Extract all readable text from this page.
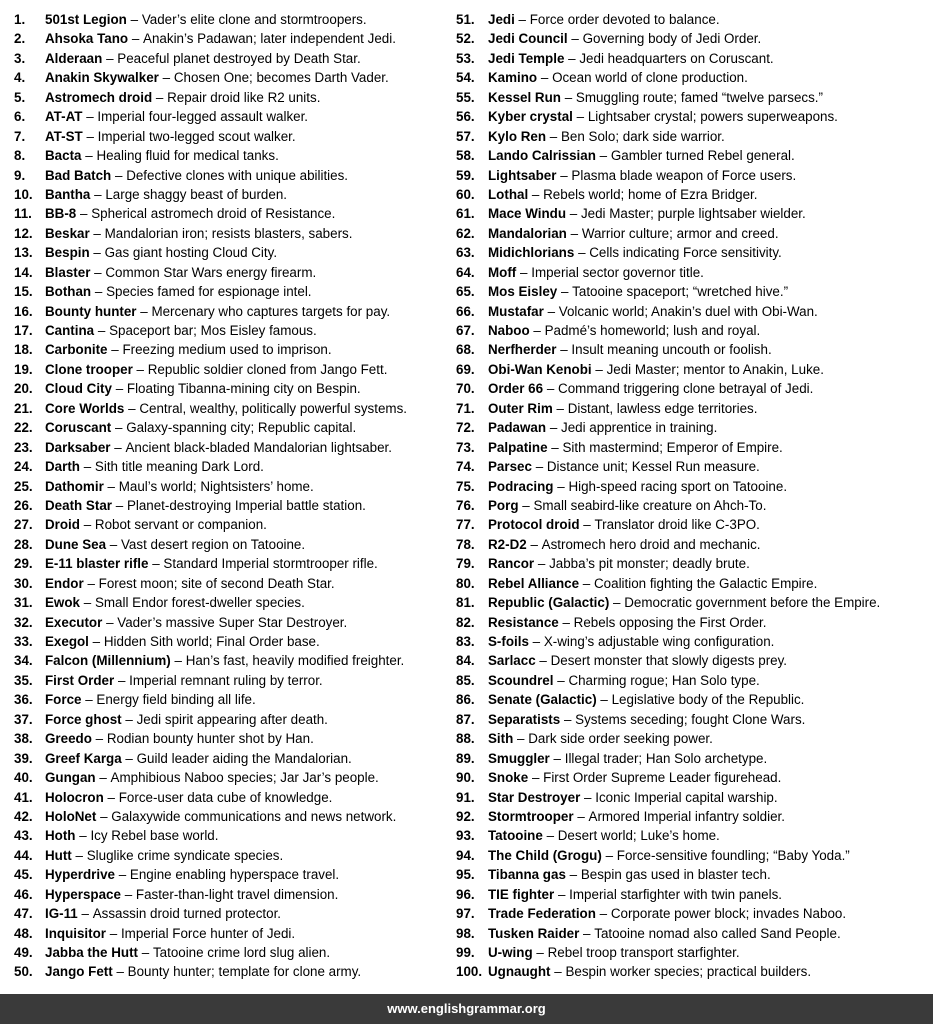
1.	501st Legion – Vader’s elite clone and stormtroopers.
2.	Ahsoka Tano – Anakin’s Padawan; later independent Jedi.
3.	Alderaan – Peaceful planet destroyed by Death Star.
4.	Anakin Skywalker – Chosen One; becomes Darth Vader.
5.	Astromech droid – Repair droid like R2 units.
6.	AT-AT – Imperial four-legged assault walker.
7.	AT-ST – Imperial two-legged scout walker.
8.	Bacta – Healing fluid for medical tanks.
9.	Bad Batch – Defective clones with unique abilities.
10. Bantha – Large shaggy beast of burden.
11. BB-8 – Spherical astromech droid of Resistance.
12. Beskar – Mandalorian iron; resists blasters, sabers.
13. Bespin – Gas giant hosting Cloud City.
14. Blaster – Common Star Wars energy firearm.
15. Bothan – Species famed for espionage intel.
16. Bounty hunter – Mercenary who captures targets for pay.
17. Cantina – Spaceport bar; Mos Eisley famous.
18. Carbonite – Freezing medium used to imprison.
19. Clone trooper – Republic soldier cloned from Jango Fett.
20. Cloud City – Floating Tibanna-mining city on Bespin.
21. Core Worlds – Central, wealthy, politically powerful systems.
22. Coruscant – Galaxy-spanning city; Republic capital.
23. Darksaber – Ancient black-bladed Mandalorian lightsaber.
24. Darth – Sith title meaning Dark Lord.
25. Dathomir – Maul’s world; Nightsisters’ home.
26. Death Star – Planet-destroying Imperial battle station.
27. Droid – Robot servant or companion.
28. Dune Sea – Vast desert region on Tatooine.
29. E-11 blaster rifle – Standard Imperial stormtrooper rifle.
30. Endor – Forest moon; site of second Death Star.
31. Ewok – Small Endor forest-dweller species.
32. Executor – Vader’s massive Super Star Destroyer.
33. Exegol – Hidden Sith world; Final Order base.
34. Falcon (Millennium) – Han’s fast, heavily modified freighter.
35. First Order – Imperial remnant ruling by terror.
36. Force – Energy field binding all life.
37. Force ghost – Jedi spirit appearing after death.
38. Greedo – Rodian bounty hunter shot by Han.
39. Greef Karga – Guild leader aiding the Mandalorian.
40. Gungan – Amphibious Naboo species; Jar Jar’s people.
41. Holocron – Force-user data cube of knowledge.
42. HoloNet – Galaxywide communications and news network.
43. Hoth – Icy Rebel base world.
44. Hutt – Sluglike crime syndicate species.
45. Hyperdrive – Engine enabling hyperspace travel.
46. Hyperspace – Faster-than-light travel dimension.
47. IG-11 – Assassin droid turned protector.
48. Inquisitor – Imperial Force hunter of Jedi.
49. Jabba the Hutt – Tatooine crime lord slug alien.
50. Jango Fett – Bounty hunter; template for clone army.
51. Jedi – Force order devoted to balance.
52. Jedi Council – Governing body of Jedi Order.
53. Jedi Temple – Jedi headquarters on Coruscant.
54. Kamino – Ocean world of clone production.
55. Kessel Run – Smuggling route; famed “twelve parsecs.”
56. Kyber crystal – Lightsaber crystal; powers superweapons.
57. Kylo Ren – Ben Solo; dark side warrior.
58. Lando Calrissian – Gambler turned Rebel general.
59. Lightsaber – Plasma blade weapon of Force users.
60. Lothal – Rebels world; home of Ezra Bridger.
61. Mace Windu – Jedi Master; purple lightsaber wielder.
62. Mandalorian – Warrior culture; armor and creed.
63. Midichlorians – Cells indicating Force sensitivity.
64. Moff – Imperial sector governor title.
65. Mos Eisley – Tatooine spaceport; “wretched hive.”
66. Mustafar – Volcanic world; Anakin’s duel with Obi-Wan.
67. Naboo – Padmé’s homeworld; lush and royal.
68. Nerfherder – Insult meaning uncouth or foolish.
69. Obi-Wan Kenobi – Jedi Master; mentor to Anakin, Luke.
70. Order 66 – Command triggering clone betrayal of Jedi.
71. Outer Rim – Distant, lawless edge territories.
72. Padawan – Jedi apprentice in training.
73. Palpatine – Sith mastermind; Emperor of Empire.
74. Parsec – Distance unit; Kessel Run measure.
75. Podracing – High-speed racing sport on Tatooine.
76. Porg – Small seabird-like creature on Ahch-To.
77. Protocol droid – Translator droid like C-3PO.
78. R2-D2 – Astromech hero droid and mechanic.
79. Rancor – Jabba’s pit monster; deadly brute.
80. Rebel Alliance – Coalition fighting the Galactic Empire.
81. Republic (Galactic) – Democratic government before the Empire.
82. Resistance – Rebels opposing the First Order.
83. S-foils – X-wing’s adjustable wing configuration.
84. Sarlacc – Desert monster that slowly digests prey.
85. Scoundrel – Charming rogue; Han Solo type.
86. Senate (Galactic) – Legislative body of the Republic.
87. Separatists – Systems seceding; fought Clone Wars.
88. Sith – Dark side order seeking power.
89. Smuggler – Illegal trader; Han Solo archetype.
90. Snoke – First Order Supreme Leader figurehead.
91. Star Destroyer – Iconic Imperial capital warship.
92. Stormtrooper – Armored Imperial infantry soldier.
93. Tatooine – Desert world; Luke’s home.
94. The Child (Grogu) – Force-sensitive foundling; “Baby Yoda.”
95. Tibanna gas – Bespin gas used in blaster tech.
96. TIE fighter – Imperial starfighter with twin panels.
97. Trade Federation – Corporate power block; invades Naboo.
98. Tusken Raider – Tatooine nomad also called Sand People.
99. U-wing – Rebel troop transport starfighter.
100. Ugnaught – Bespin worker species; practical builders.
www.englishgrammar.org
